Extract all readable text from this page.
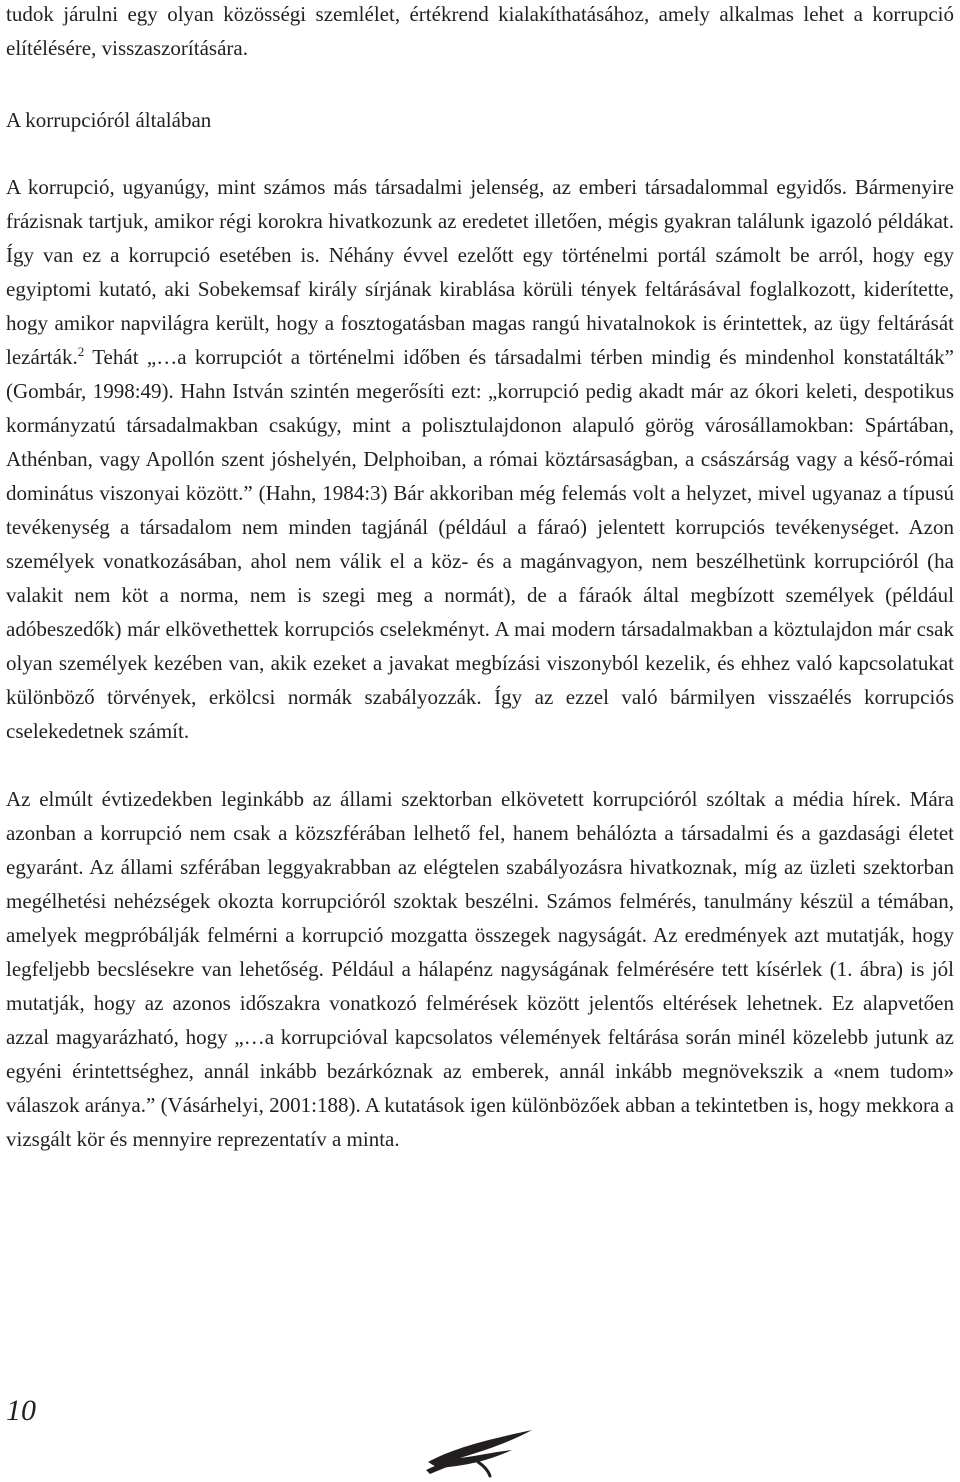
tudok járulni egy olyan közösségi szemlélet, értékrend kialakíthatásához, amely alkalmas lehet a korrupció elítélésére, visszaszorítására.

A korrupcióról általában

A korrupció, ugyanúgy, mint számos más társadalmi jelenség, az emberi társadalommal egyidős. Bármenyire frázisnak tartjuk, amikor régi korokra hivatkozunk az eredetet illetően, mégis gyakran találunk igazoló példákat. Így van ez a korrupció esetében is. Néhány évvel ezelőtt egy történelmi portál számolt be arról, hogy egy egyiptomi kutató, aki Sobekemsaf király sírjának kirablása körüli tények feltárásával foglalkozott, kiderítette, hogy amikor napvilágra került, hogy a fosztogatásban magas rangú hivatalnokok is érintettek, az ügy feltárását lezárták.$^2$ Tehát „…a korrupciót a történelmi időben és társadalmi térben mindig és mindenhol konstatálták” (Gombár, 1998:49). Hahn István szintén megerősíti ezt: „korrupció pedig akadt már az ókori keleti, despotikus kormányzatú társadalmakban csakúgy, mint a polisztulajdonon alapuló görög városállamokban: Spártában, Athénban, vagy Apollón szent jóshelyén, Delphoiban, a római köztársaságban, a császárság vagy a késő-római dominátus viszonyai között.” (Hahn, 1984:3) Bár akkoriban még felemás volt a helyzet, mivel ugyanaz a típusú tevékenység a társadalom nem minden tagjánál (például a fáraó) jelentett korrupciós tevékenységet. Azon személyek vonatkozásában, ahol nem válik el a köz- és a magánvagyon, nem beszélhetünk korrupcióról (ha valakit nem köt a norma, nem is szegi meg a normát), de a fáraók által megbízott személyek (például adóbeszedők) már elkövethettek korrupciós cselekményt. A mai modern társadalmakban a köztulajdon már csak olyan személyek kezében van, akik ezeket a javakat megbízási viszonyból kezelik, és ehhez való kapcsolatukat különböző törvények, erkölcsi normák szabályozzák. Így az ezzel való bármilyen visszaélés korrupciós cselekedetnek számít.

Az elmúlt évtizedekben leginkább az állami szektorban elkövetett korrupcióról szóltak a média hírek. Mára azonban a korrupció nem csak a közszférában lelhető fel, hanem behálózta a társadalmi és a gazdasági életet egyaránt. Az állami szférában leggyakrabban az elégtelen szabályozásra hivatkoznak, míg az üzleti szektorban megélhetési nehézségek okozta korrupcióról szoktak beszélni. Számos felmérés, tanulmány készül a témában, amelyek megpróbálják felmérni a korrupció mozgatta összegek nagyságát. Az eredmények azt mutatják, hogy legfeljebb becslésekre van lehetőség. Például a hálapénz nagyságának felmérésére tett kísérlek (1. ábra) is jól mutatják, hogy az azonos időszakra vonatkozó felmérések között jelentős eltérések lehetnek. Ez alapvetően azzal magyarázható, hogy „…a korrupcióval kapcsolatos vélemények feltárása során minél közelebb jutunk az egyéni érintettséghez, annál inkább bezárkóznak az emberek, annál inkább megnövekszik a «nem tudom» válaszok aránya.” (Vásárhelyi, 2001:188). A kutatások igen különbözőek abban a tekintetben is, hogy mekkora a vizsgált kör és mennyire reprezentatív a minta.

10
